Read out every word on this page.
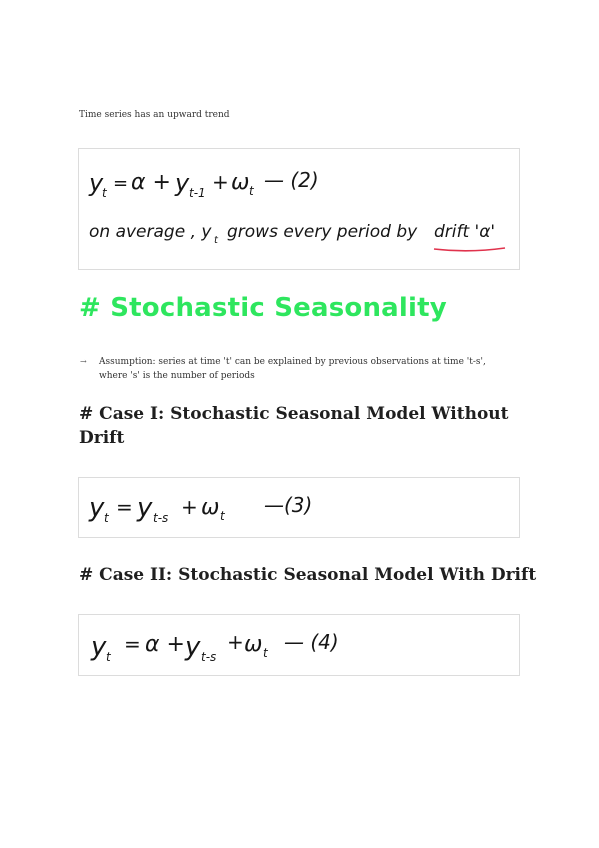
Time series has an upward trend
y
t = α + y t-1 + ω t — (2)
on average , y t grows every period by drift 'α'
# Stochastic Seasonality
→ Assumption: series at time 't' can be explained by previous observations at time 't-s', where 's' is the number of periods
# Case I: Stochastic Seasonal Model Without Drift
y t = y t-s + ω t —(3)
# Case II: Stochastic Seasonal Model With Drift
y t
= α + y t-s
+ ω t — (4)
